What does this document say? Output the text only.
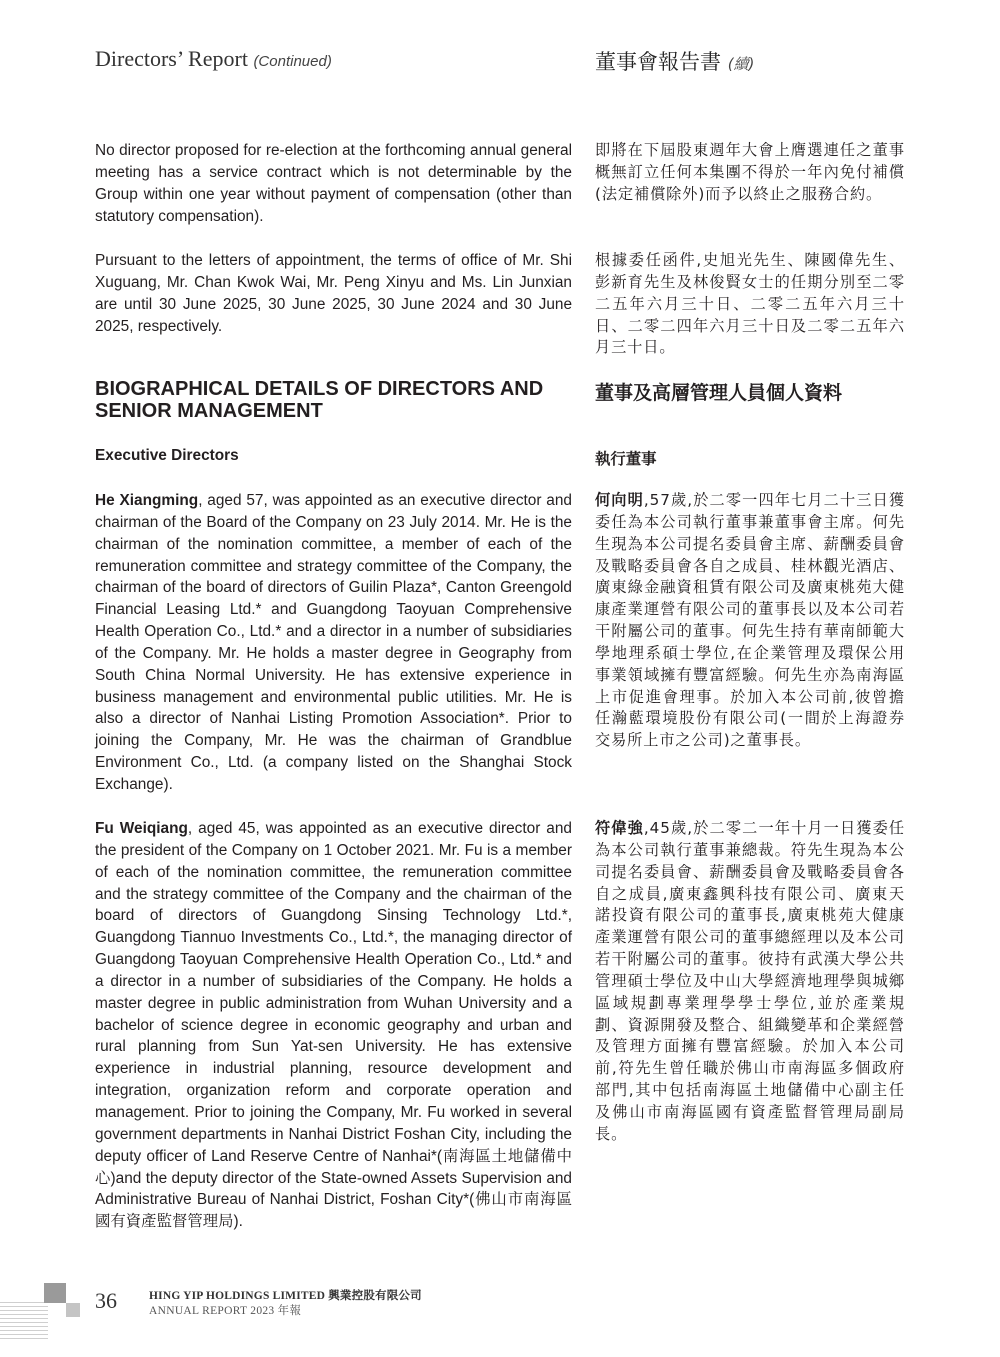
Directors’ Report (Continued)	董事會報告書 (續)

No director proposed for re-election at the forthcoming annual general meeting has a service contract which is not determinable by the Group within one year without payment of compensation (other than statutory compensation).

即將在下屆股東週年大會上膺選連任之董事概無訂立任何本集團不得於一年內免付補償(法定補償除外)而予以終止之服務合約。

Pursuant to the letters of appointment, the terms of office of Mr. Shi Xuguang, Mr. Chan Kwok Wai, Mr. Peng Xinyu and Ms. Lin Junxian are until 30 June 2025, 30 June 2025, 30 June 2024 and 30 June 2025, respectively.

根據委任函件,史旭光先生、陳國偉先生、彭新育先生及林俊賢女士的任期分別至二零二五年六月三十日、二零二五年六月三十日、二零二四年六月三十日及二零二五年六月三十日。

BIOGRAPHICAL DETAILS OF DIRECTORS AND SENIOR MANAGEMENT
董事及高層管理人員個人資料
Executive Directors	執行董事

He Xiangming, aged 57, was appointed as an executive director and chairman of the Board of the Company on 23 July 2014. Mr. He is the chairman of the nomination committee, a member of each of the remuneration committee and strategy committee of the Company, the chairman of the board of directors of Guilin Plaza*, Canton Greengold Financial Leasing Ltd.* and Guangdong Taoyuan Comprehensive Health Operation Co., Ltd.* and a director in a number of subsidiaries of the Company. Mr. He holds a master degree in Geography from South China Normal University. He has extensive experience in business management and environmental public utilities. Mr. He is also a director of Nanhai Listing Promotion Association*. Prior to joining the Company, Mr. He was the chairman of Grandblue Environment Co., Ltd. (a company listed on the Shanghai Stock Exchange).

何向明,57歲,於二零一四年七月二十三日獲委任為本公司執行董事兼董事會主席。何先生現為本公司提名委員會主席、薪酬委員會及戰略委員會各自之成員、桂林觀光酒店、廣東綠金融資租賃有限公司及廣東桃苑大健康產業運營有限公司的董事長以及本公司若干附屬公司的董事。何先生持有華南師範大學地理系碩士學位,在企業管理及環保公用事業領域擁有豐富經驗。何先生亦為南海區上市促進會理事。於加入本公司前,彼曾擔任瀚藍環境股份有限公司(一間於上海證券交易所上市之公司)之董事長。

Fu Weiqiang, aged 45, was appointed as an executive director and the president of the Company on 1 October 2021. Mr. Fu is a member of each of the nomination committee, the remuneration committee and the strategy committee of the Company and the chairman of the board of directors of Guangdong Sinsing Technology Ltd.*, Guangdong Tiannuo Investments Co., Ltd.*, the managing director of Guangdong Taoyuan Comprehensive Health Operation Co., Ltd.* and a director in a number of subsidiaries of the Company. He holds a master degree in public administration from Wuhan University and a bachelor of science degree in economic geography and urban and rural planning from Sun Yat-sen University. He has extensive experience in industrial planning, resource development and integration, organization reform and corporate operation and management. Prior to joining the Company, Mr. Fu worked in several government departments in Nanhai District Foshan City, including the deputy officer of Land Reserve Centre of Nanhai*(南海區土地儲備中心)and the deputy director of the State-owned Assets Supervision and Administrative Bureau of Nanhai District, Foshan City*(佛山市南海區國有資產監督管理局).

符偉強,45歲,於二零二一年十月一日獲委任為本公司執行董事兼總裁。符先生現為本公司提名委員會、薪酬委員會及戰略委員會各自之成員,廣東鑫興科技有限公司、廣東天諾投資有限公司的董事長,廣東桃苑大健康產業運營有限公司的董事總經理以及本公司若干附屬公司的董事。彼持有武漢大學公共管理碩士學位及中山大學經濟地理學與城鄉區域規劃專業理學學士學位,並於產業規劃、資源開發及整合、組織變革和企業經營及管理方面擁有豐富經驗。於加入本公司前,符先生曾任職於佛山市南海區多個政府部門,其中包括南海區土地儲備中心副主任及佛山市南海區國有資產監督管理局副局長。

36	HING YIP HOLDINGS LIMITED 興業控股有限公司
ANNUAL REPORT 2023 年報
